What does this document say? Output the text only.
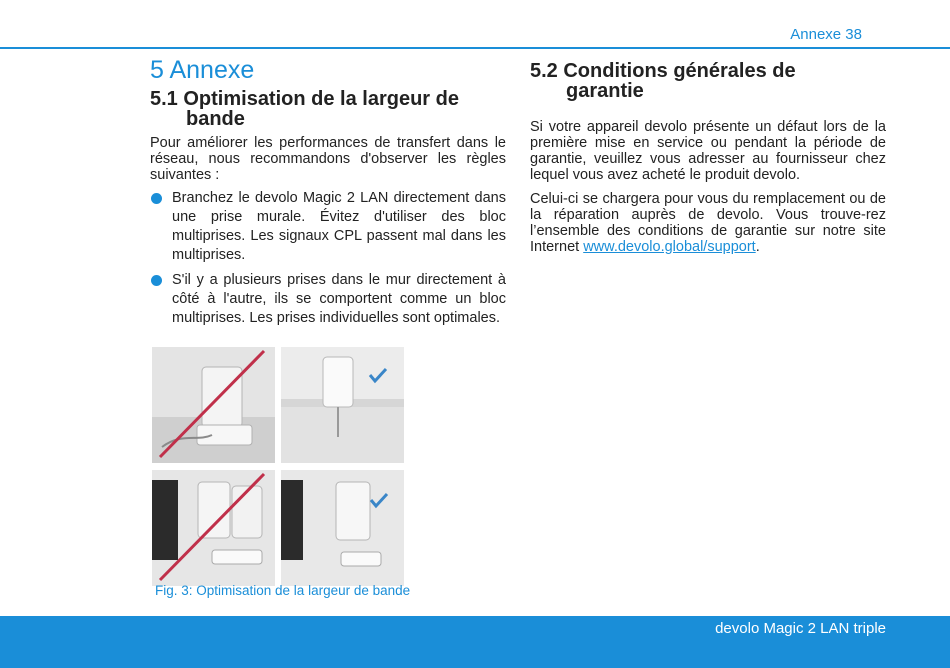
Annexe 38
5 Annexe
5.1 Optimisation de la largeur de
bande

Pour améliorer les performances de transfert dans le réseau, nous recommandons d'observer les règles suivantes :

Branchez le devolo Magic 2 LAN directement dans une prise murale. Évitez d'utiliser des bloc multiprises. Les signaux CPL passent mal dans les multiprises.
S'il y a plusieurs prises dans le mur directement à côté à l'autre, ils se comportent comme un bloc multiprises. Les prises individuelles sont optimales.
Fig. 3: Optimisation de la largeur de bande
5.2 Conditions générales de
garantie

Si votre appareil devolo présente un défaut lors de la première mise en service ou pendant la période de garantie, veuillez vous adresser au fournisseur chez lequel vous avez acheté le produit devolo.

Celui-ci se chargera pour vous du remplacement ou de la réparation auprès de devolo. Vous trouve-rez l’ensemble des conditions de garantie sur notre site Internet www.devolo.global/support.

devolo Magic 2 LAN triple
